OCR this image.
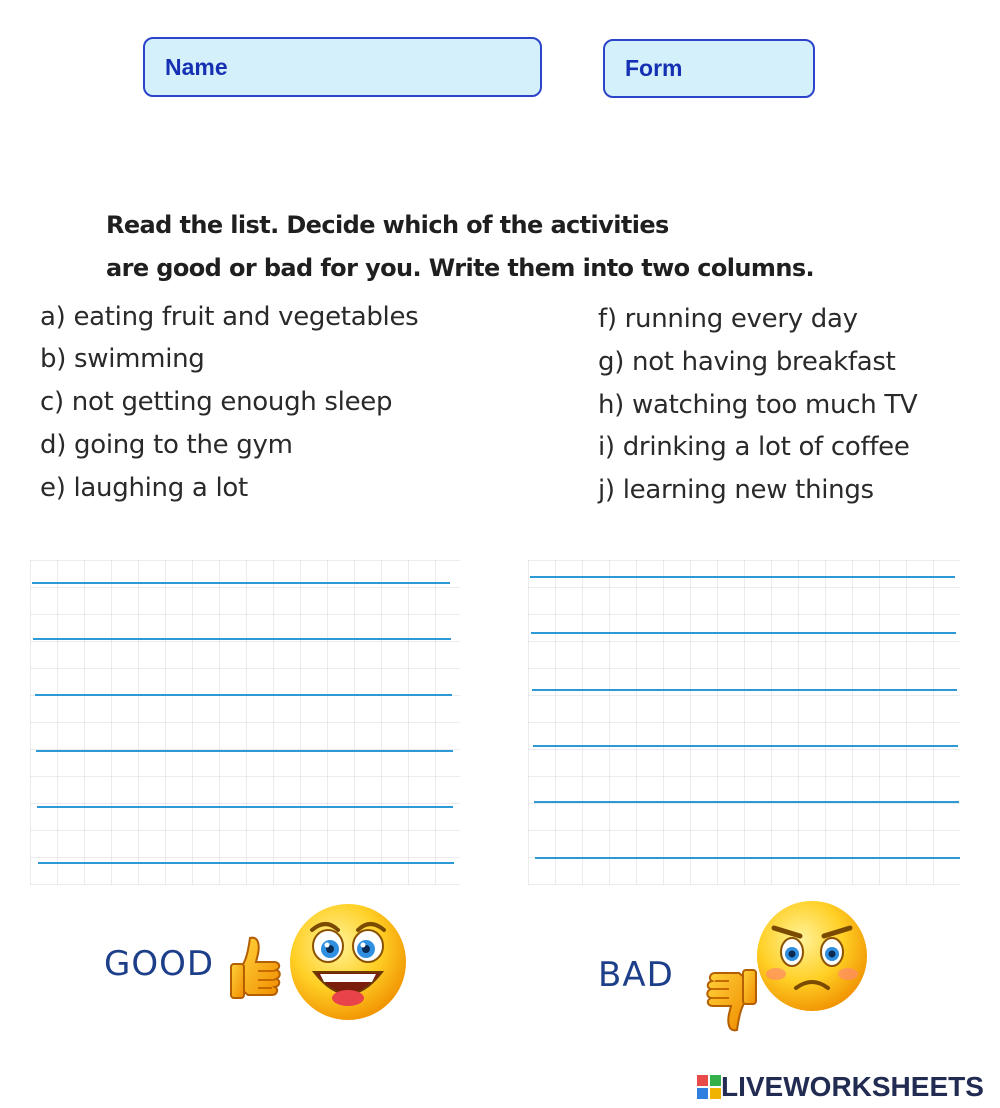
Name	Form
Read the list. Decide which of the activities
are good or bad for you. Write them into two columns.
a) eating fruit and vegetables
b) swimming
c) not getting enough sleep
d) going to the gym
e) laughing a lot
f) running every day
g) not having breakfast
h) watching too much TV
i) drinking a lot of coffee
j) learning new things
GOOD	BAD
LIVEWORKSHEETS
